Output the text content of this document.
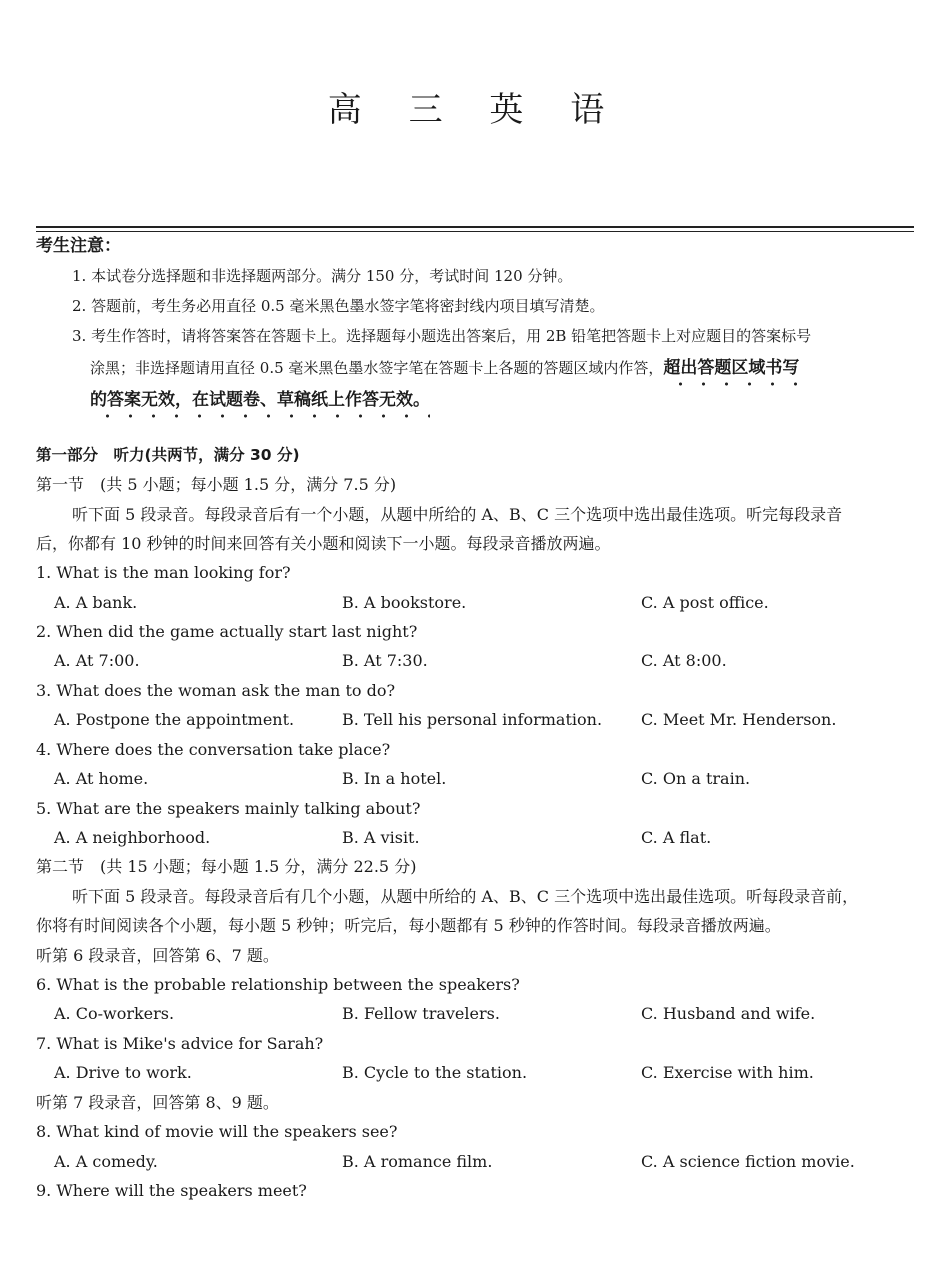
高 三 英 语
考生注意：
1. 本试卷分选择题和非选择题两部分。满分 150 分，考试时间 120 分钟。
2. 答题前，考生务必用直径 0.5 毫米黑色墨水签字笔将密封线内项目填写清楚。
3. 考生作答时，请将答案答在答题卡上。选择题每小题选出答案后，用 2B 铅笔把答题卡上对应题目的答案标号
涂黑；非选择题请用直径 0.5 毫米黑色墨水签字笔在答题卡上各题的答题区域内作答，超出答题区域书写
的答案无效，在试题卷、草稿纸上作答无效。
第一部分　听力(共两节，满分 30 分)
第一节　(共 5 小题；每小题 1.5 分，满分 7.5 分)
听下面 5 段录音。每段录音后有一个小题，从题中所给的 A、B、C 三个选项中选出最佳选项。听完每段录音
后，你都有 10 秒钟的时间来回答有关小题和阅读下一小题。每段录音播放两遍。
1. What is the man looking for?
A. A bank.	B. A bookstore.	C. A post office.
2. When did the game actually start last night?
A. At 7:00.	B. At 7:30.	C. At 8:00.
3. What does the woman ask the man to do?
A. Postpone the appointment.	B. Tell his personal information. C. Meet Mr. Henderson.
4. Where does the conversation take place?
A. At home.	B. In a hotel.	C. On a train.
5. What are the speakers mainly talking about?
A. A neighborhood.	B. A visit.	C. A flat.
第二节　(共 15 小题；每小题 1.5 分，满分 22.5 分)
听下面 5 段录音。每段录音后有几个小题，从题中所给的 A、B、C 三个选项中选出最佳选项。听每段录音前，
你将有时间阅读各个小题，每小题 5 秒钟；听完后，每小题都有 5 秒钟的作答时间。每段录音播放两遍。
听第 6 段录音，回答第 6、7 题。
6. What is the probable relationship between the speakers?
A. Co-workers.	B. Fellow travelers.	C. Husband and wife.
7. What is Mike's advice for Sarah?
A. Drive to work.	B. Cycle to the station.	C. Exercise with him.
听第 7 段录音，回答第 8、9 题。
8. What kind of movie will the speakers see?
A. A comedy.	B. A romance film.	C. A science fiction movie.
9. Where will the speakers meet?
